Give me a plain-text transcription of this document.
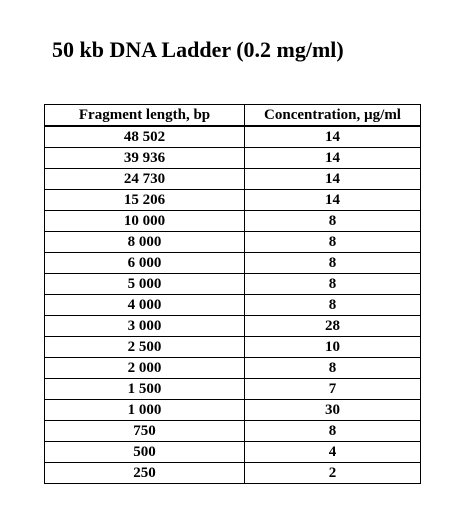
50 kb DNA Ladder (0.2 mg/ml)
Fragment length, bp	Concentration, µg/ml
48 502	14
39 936	14
24 730	14
15 206	14
10 000	8
8 000	8
6 000	8
5 000	8
4 000	8
3 000	28
2 500	10
2 000	8
1 500	7
1 000	30
750	8
500	4
250	2
